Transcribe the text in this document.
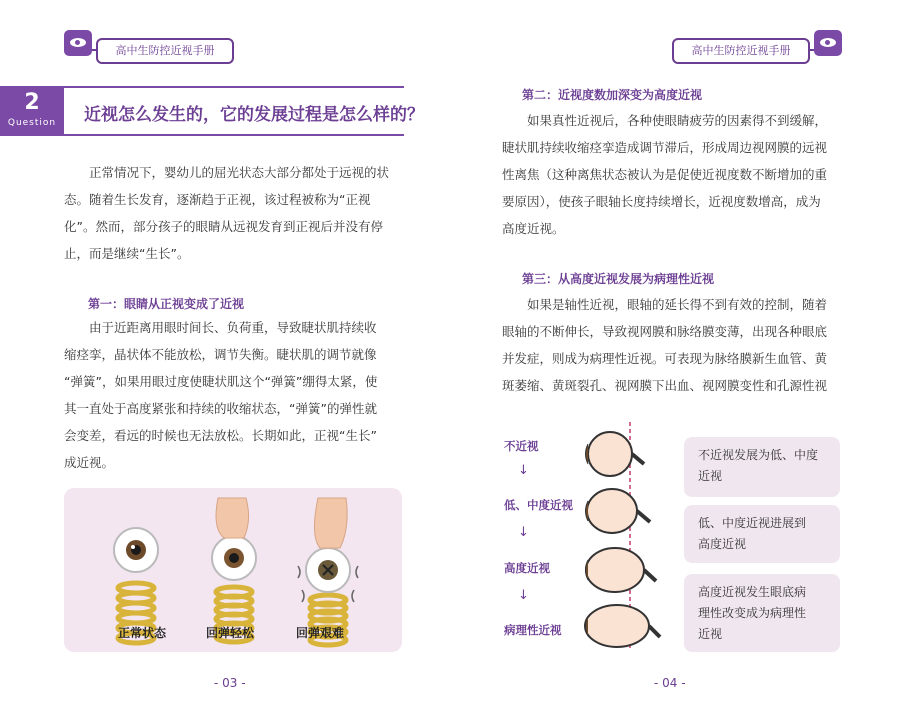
高中生防控近视手册	高中生防控近视手册
2
Question	近视怎么发生的，它的发展过程是怎么样的？
正常情况下，婴幼儿的屈光状态大部分都处于远视的状
态。随着生长发育，逐渐趋于正视，该过程被称为“正视
化”。然而，部分孩子的眼睛从远视发育到正视后并没有停
止，而是继续“生长”。
第一：眼睛从正视变成了近视
由于近距离用眼时间长、负荷重，导致睫状肌持续收
缩痉挛，晶状体不能放松，调节失衡。睫状肌的调节就像
“弹簧”，如果用眼过度使睫状肌这个“弹簧”绷得太紧，使
其一直处于高度紧张和持续的收缩状态，“弹簧”的弹性就
会变差，看远的时候也无法放松。长期如此，正视“生长”
成近视。
正常状态	回弹轻松	回弹艰难
第二：近视度数加深变为高度近视
如果真性近视后，各种使眼睛疲劳的因素得不到缓解，
睫状肌持续收缩痉挛造成调节滞后，形成周边视网膜的远视
性离焦（这种离焦状态被认为是促使近视度数不断增加的重
要原因），使孩子眼轴长度持续增长，近视度数增高，成为
高度近视。
第三：从高度近视发展为病理性近视
如果是轴性近视，眼轴的延长得不到有效的控制，随着
眼轴的不断伸长，导致视网膜和脉络膜变薄，出现各种眼底
并发症，则成为病理性近视。可表现为脉络膜新生血管、黄
斑萎缩、黄斑裂孔、视网膜下出血、视网膜变性和孔源性视
不近视
↓
低、中度近视
↓
高度近视
↓
病理性近视
不近视发展为低、中度
近视
低、中度近视进展到
高度近视
高度近视发生眼底病
理性改变成为病理性
近视
- 03 -	- 04 -
